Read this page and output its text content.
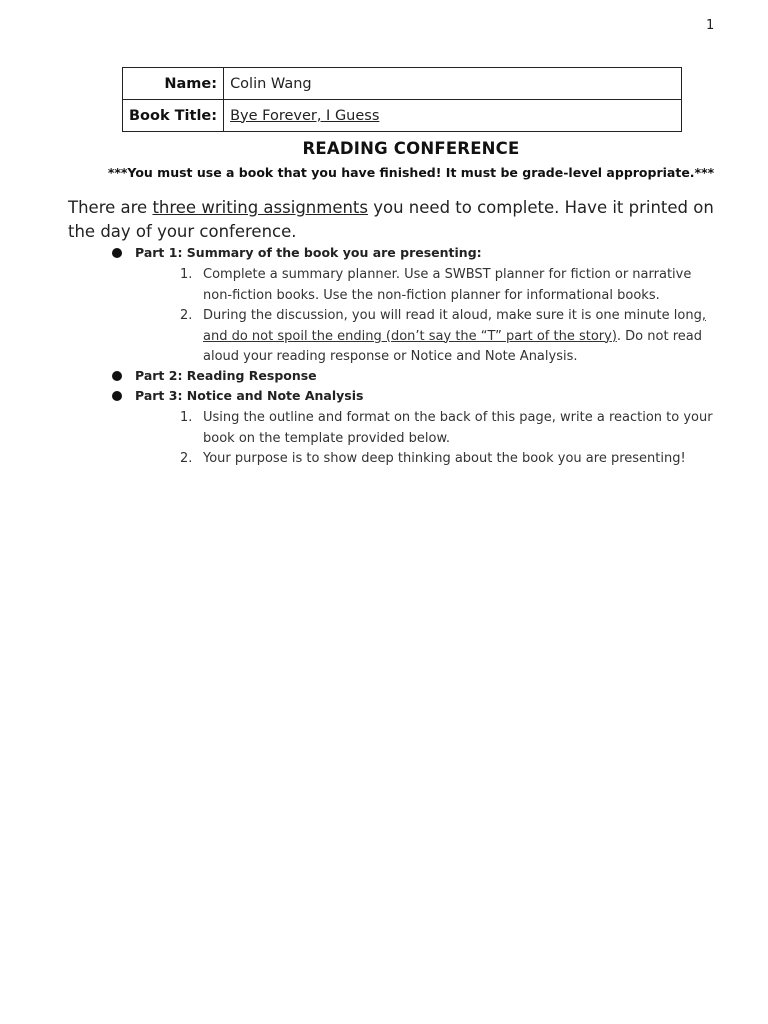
1
Name:	Colin Wang
Book Title:	Bye Forever, I Guess
READING CONFERENCE
***You must use a book that you have finished! It must be grade-level appropriate.***
There are three writing assignments you need to complete. Have it printed on the day of your conference.
Part 1: Summary of the book you are presenting:
1. Complete a summary planner. Use a SWBST planner for fiction or narrative non-fiction books. Use the non-fiction planner for informational books.
2. During the discussion, you will read it aloud, make sure it is one minute long, and do not spoil the ending (don’t say the “T” part of the story). Do not read aloud your reading response or Notice and Note Analysis.
Part 2: Reading Response
Part 3: Notice and Note Analysis
1. Using the outline and format on the back of this page, write a reaction to your book on the template provided below.
2. Your purpose is to show deep thinking about the book you are presenting!
